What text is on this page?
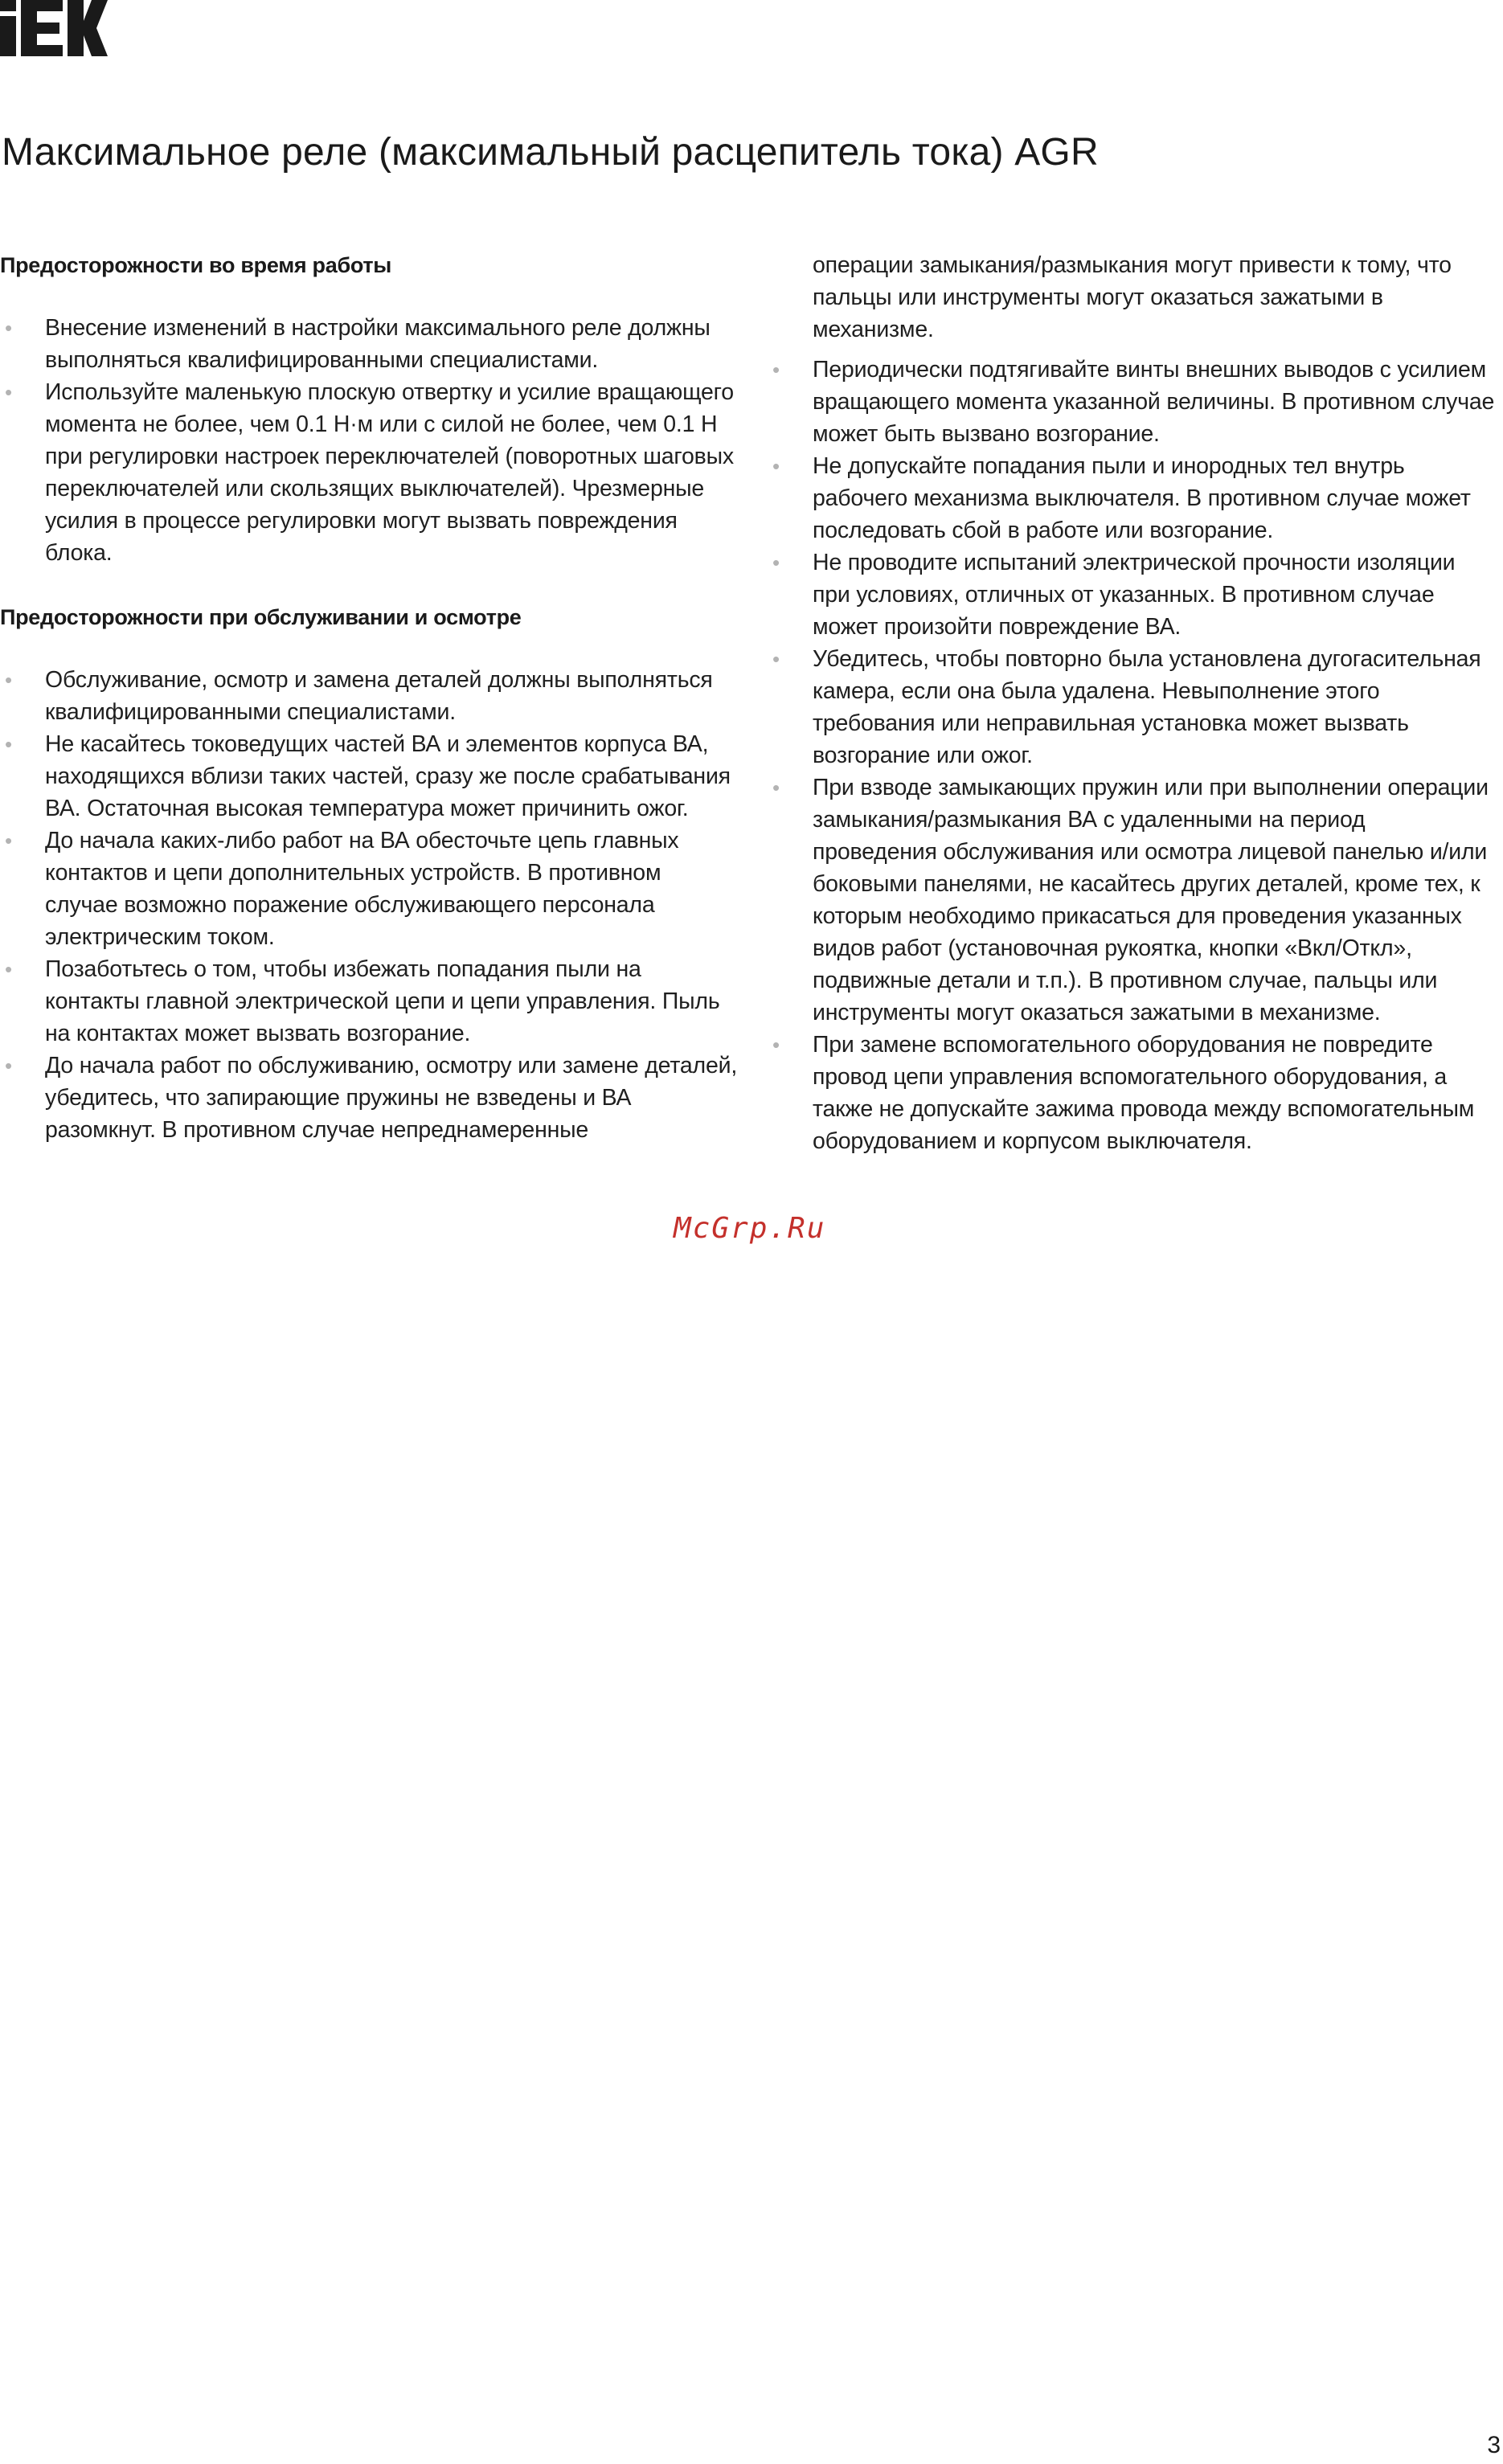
Максимальное реле (максимальный расцепитель тока) AGR
Предосторожности во время работы
• Внесение изменений в настройки максимального реле должны выполняться квалифицированными специалистами.
• Используйте маленькую плоскую отвертку и усилие вращающего момента не более, чем 0.1 Н·м или с силой не более, чем 0.1 Н при регулировки настроек переключателей (поворотных шаговых переключателей или скользящих выключателей). Чрезмерные усилия в процессе регулировки могут вызвать повреждения блока.
Предосторожности при обслуживании и осмотре
• Обслуживание, осмотр и замена деталей должны выполняться квалифицированными специалистами.
• Не касайтесь токоведущих частей ВА и элементов корпуса ВА, находящихся вблизи таких частей, сразу же после срабатывания ВА. Остаточная высокая температура может причинить ожог.
• До начала каких-либо работ на ВА обесточьте цепь главных контактов и цепи дополнительных устройств. В противном случае возможно поражение обслуживающего персонала электрическим током.
• Позаботьтесь о том, чтобы избежать попадания пыли на контакты главной электрической цепи и цепи управления. Пыль на контактах может вызвать возгорание.
• До начала работ по обслуживанию, осмотру или замене деталей, убедитесь, что запирающие пружины не взведены и ВА разомкнут. В противном случае непреднамеренные

операции замыкания/размыкания могут привести к тому, что пальцы или инструменты могут оказаться зажатыми в механизме.

• Периодически подтягивайте винты внешних выводов с усилием вращающего момента указанной величины. В противном случае может быть вызвано возгорание.
• Не допускайте попадания пыли и инородных тел внутрь рабочего механизма выключателя. В противном случае может последовать сбой в работе или возгорание.
• Не проводите испытаний электрической прочности изоляции при условиях, отличных от указанных. В противном случае может произойти повреждение ВА.
• Убедитесь, чтобы повторно была установлена дугогасительная камера, если она была удалена. Невыполнение этого требования или неправильная установка может вызвать возгорание или ожог.
• При взводе замыкающих пружин или при выполнении операции замыкания/размыкания ВА с удаленными на период проведения обслуживания или осмотра лицевой панелью и/или боковыми панелями, не касайтесь других деталей, кроме тех, к которым необходимо прикасаться для проведения указанных видов работ (установочная рукоятка, кнопки «Вкл/Откл», подвижные детали и т.п.). В противном случае, пальцы или инструменты могут оказаться зажатыми в механизме.
• При замене вспомогательного оборудования не повредите провод цепи управления вспомогательного оборудования, а также не допускайте зажима провода между вспомогательным оборудованием и корпусом выключателя.
McGrp.Ru
3
